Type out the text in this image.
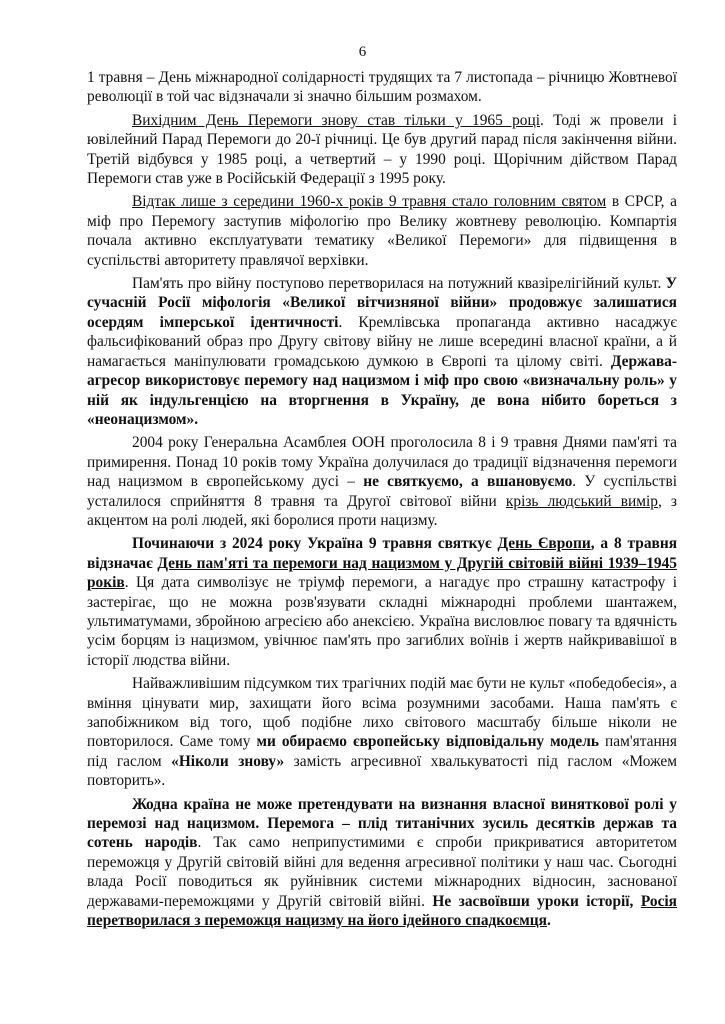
6

1 травня – День міжнародної солідарності трудящих та 7 листопада – річницю Жовтневої революції в той час відзначали зі значно більшим розмахом.

Вихідним День Перемоги знову став тільки у 1965 році. Тоді ж провели і ювілейний Парад Перемоги до 20-ї річниці. Це був другий парад після закінчення війни. Третій відбувся у 1985 році, а четвертий – у 1990 році. Щорічним дійством Парад Перемоги став уже в Російській Федерації з 1995 року.

Відтак лише з середини 1960-х років 9 травня стало головним святом в СРСР, а міф про Перемогу заступив міфологію про Велику жовтневу революцію. Компартія почала активно експлуатувати тематику «Великої Перемоги» для підвищення в суспільстві авторитету правлячої верхівки.

Пам'ять про війну поступово перетворилася на потужний квазірелігійний культ. У сучасній Росії міфологія «Великої вітчизняної війни» продовжує залишатися осердям імперської ідентичності. Кремлівська пропаганда активно насаджує фальсифікований образ про Другу світову війну не лише всередині власної країни, а й намагається маніпулювати громадською думкою в Європі та цілому світі. Держава-агресор використовує перемогу над нацизмом і міф про свою «визначальну роль» у ній як індульгенцією на вторгнення в Україну, де вона нібито бореться з «неонацизмом».

2004 року Генеральна Асамблея ООН проголосила 8 і 9 травня Днями пам'яті та примирення. Понад 10 років тому Україна долучилася до традиції відзначення перемоги над нацизмом в європейському дусі – не святкуємо, а вшановуємо. У суспільстві усталилося сприйняття 8 травня та Другої світової війни крізь людський вимір, з акцентом на ролі людей, які боролися проти нацизму.

Починаючи з 2024 року Україна 9 травня святкує День Європи, а 8 травня відзначає День пам'яті та перемоги над нацизмом у Другій світовій війні 1939–1945 років. Ця дата символізує не тріумф перемоги, а нагадує про страшну катастрофу і застерігає, що не можна розв'язувати складні міжнародні проблеми шантажем, ультиматумами, збройною агресією або анексією. Україна висловлює повагу та вдячність усім борцям із нацизмом, увічнює пам'ять про загиблих воїнів і жертв найкривавішої в історії людства війни.

Найважливішим підсумком тих трагічних подій має бути не культ «победобесія», а вміння цінувати мир, захищати його всіма розумними засобами. Наша пам'ять є запобіжником від того, щоб подібне лихо світового масштабу більше ніколи не повторилося. Саме тому ми обираємо європейську відповідальну модель пам'ятання під гаслом «Ніколи знову» замість агресивної хвалькуватості під гаслом «Можем повторить».

Жодна країна не може претендувати на визнання власної виняткової ролі у перемозі над нацизмом. Перемога – плід титанічних зусиль десятків держав та сотень народів. Так само неприпустимими є спроби прикриватися авторитетом переможця у Другій світовій війні для ведення агресивної політики у наш час. Сьогодні влада Росії поводиться як руйнівник системи міжнародних відносин, заснованої державами-переможцями у Другій світовій війні. Не засвоївши уроки історії, Росія перетворилася з переможця нацизму на його ідейного спадкоємця.
